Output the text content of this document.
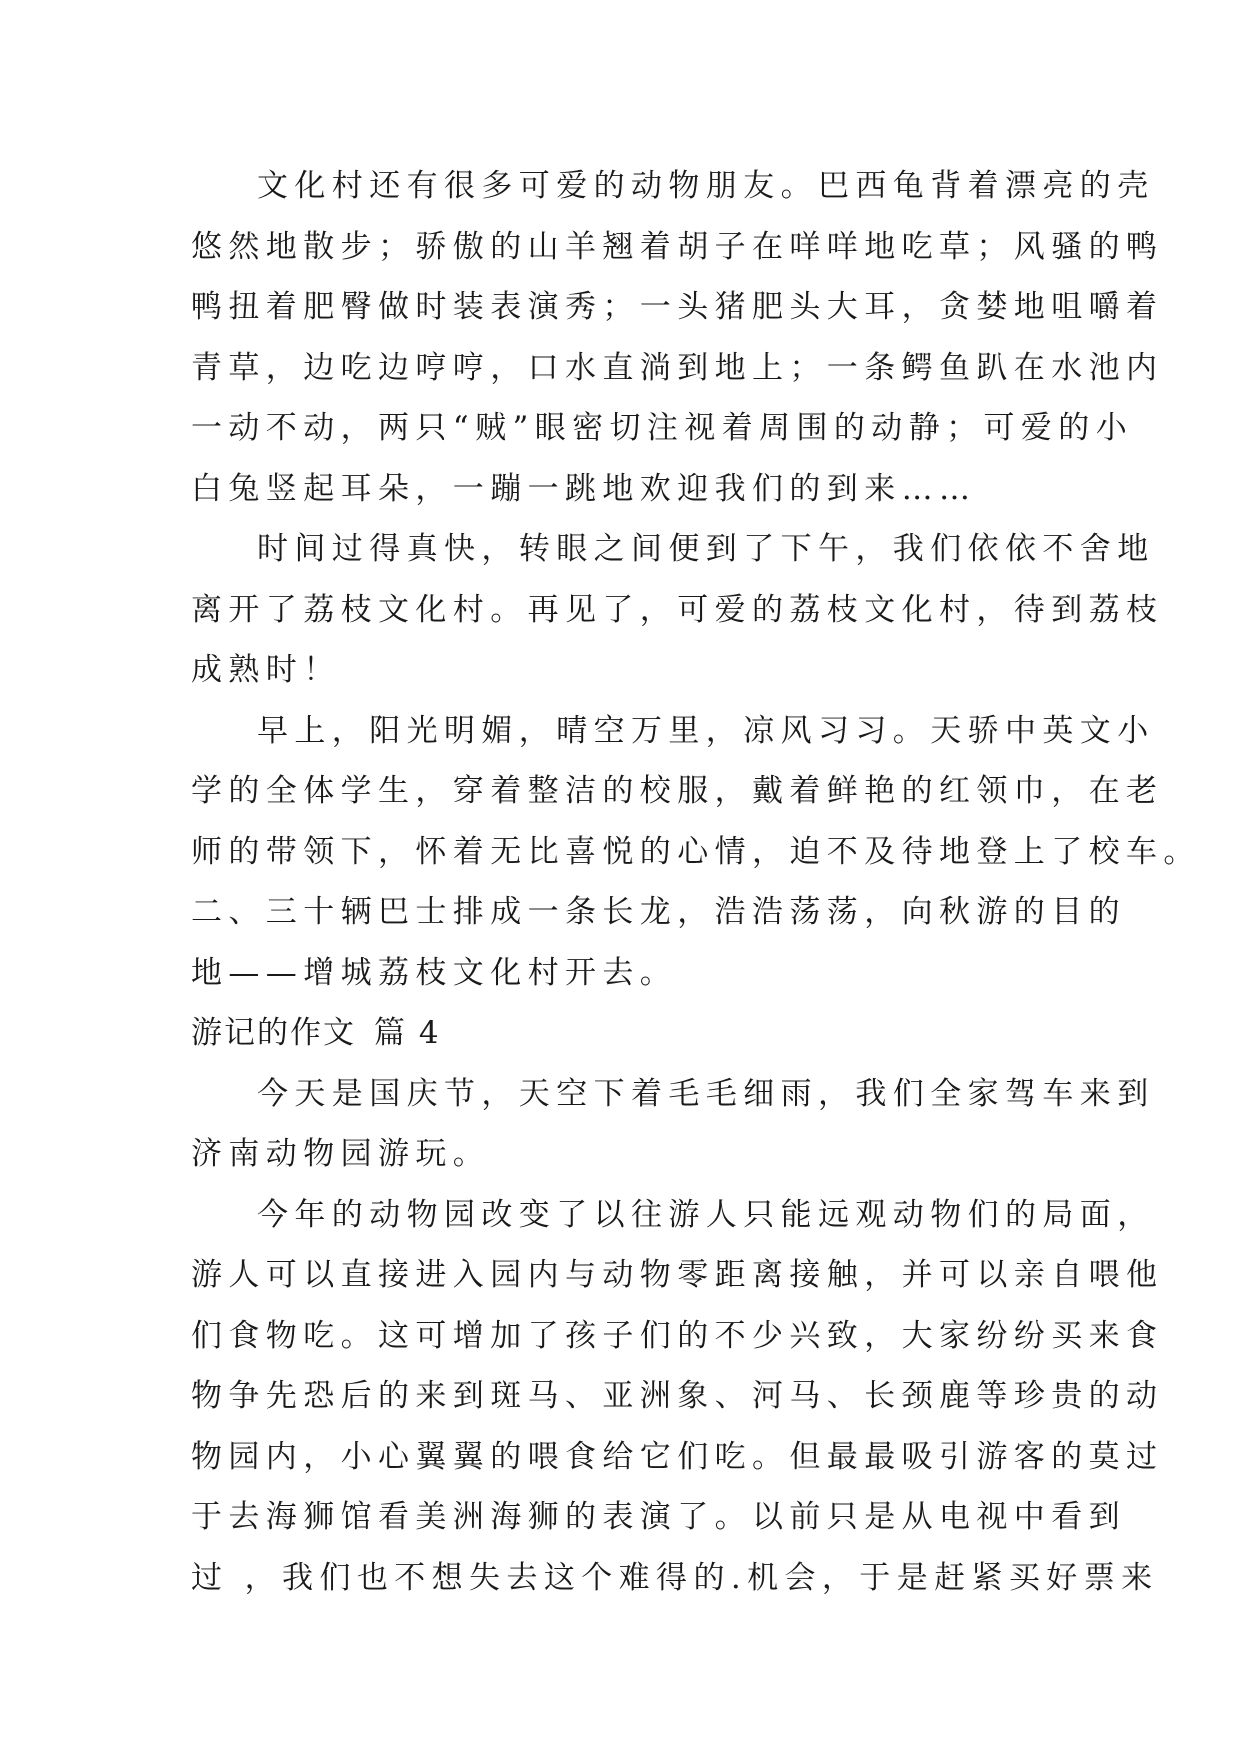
文化村还有很多可爱的动物朋友。巴西龟背着漂亮的壳
悠然地散步；骄傲的山羊翘着胡子在咩咩地吃草；风骚的鸭
鸭扭着肥臀做时装表演秀；一头猪肥头大耳，贪婪地咀嚼着
青草，边吃边哼哼，口水直淌到地上；一条鳄鱼趴在水池内
一动不动，两只“贼”眼密切注视着周围的动静；可爱的小
白兔竖起耳朵，一蹦一跳地欢迎我们的到来……
时间过得真快，转眼之间便到了下午，我们依依不舍地
离开了荔枝文化村。再见了，可爱的荔枝文化村，待到荔枝
成熟时！
早上，阳光明媚，晴空万里，凉风习习。天骄中英文小
学的全体学生，穿着整洁的校服，戴着鲜艳的红领巾，在老
师的带领下，怀着无比喜悦的心情，迫不及待地登上了校车。
二、三十辆巴士排成一条长龙，浩浩荡荡，向秋游的目的
地——增城荔枝文化村开去。
游记的作文 篇 4
今天是国庆节，天空下着毛毛细雨，我们全家驾车来到
济南动物园游玩。
今年的动物园改变了以往游人只能远观动物们的局面，
游人可以直接进入园内与动物零距离接触，并可以亲自喂他
们食物吃。这可增加了孩子们的不少兴致，大家纷纷买来食
物争先恐后的来到斑马、亚洲象、河马、长颈鹿等珍贵的动
物园内，小心翼翼的喂食给它们吃。但最最吸引游客的莫过
于去海狮馆看美洲海狮的表演了。以前只是从电视中看到
过 ，我们也不想失去这个难得的.机会，于是赶紧买好票来
